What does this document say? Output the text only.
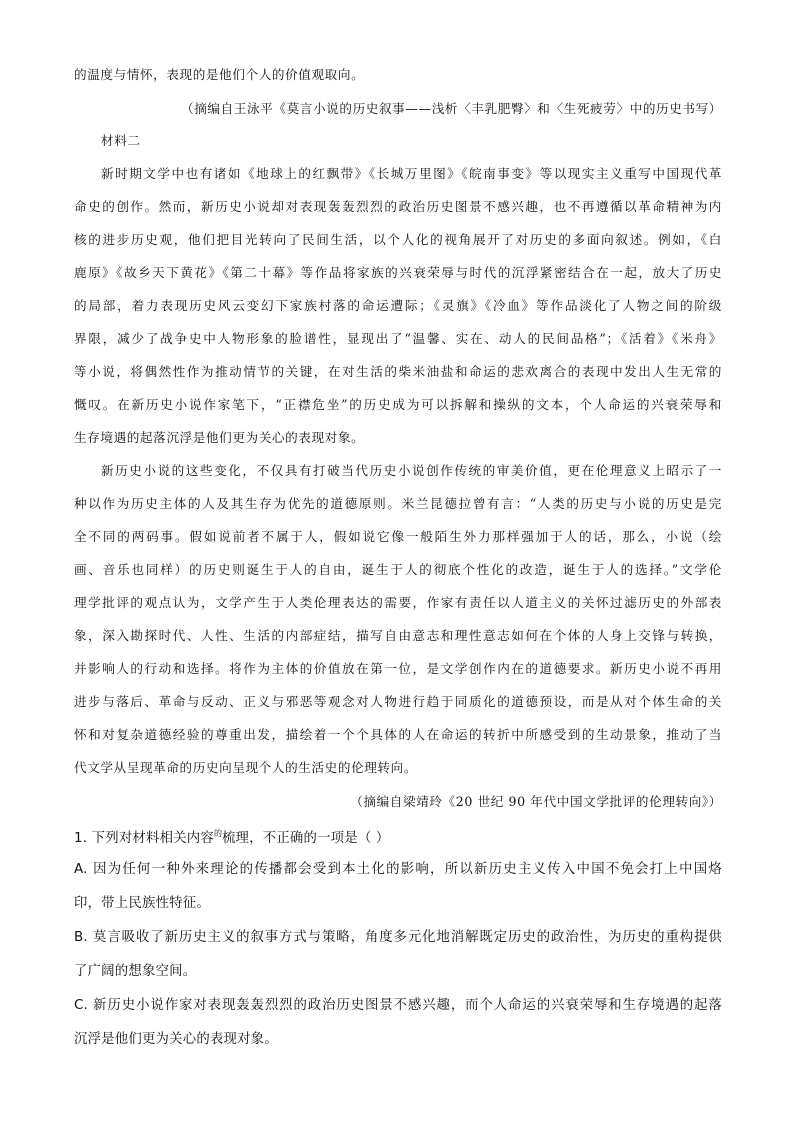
的温度与情怀，表现的是他们个人的价值观取向。
（摘编自王泳平《莫言小说的历史叙事——浅析〈丰乳肥臀〉和〈生死疲劳〉中的历史书写）
材料二
新时期文学中也有诸如《地球上的红飘带》《长城万里图》《皖南事变》等以现实主义重写中国现代革
命史的创作。然而，新历史小说却对表现轰轰烈烈的政治历史图景不感兴趣，也不再遵循以革命精神为内
核的进步历史观，他们把目光转向了民间生活，以个人化的视角展开了对历史的多面向叙述。例如，《白
鹿原》《故乡天下黄花》《第二十幕》等作品将家族的兴衰荣辱与时代的沉浮紧密结合在一起，放大了历史
的局部，着力表现历史风云变幻下家族村落的命运遭际；《灵旗》《冷血》等作品淡化了人物之间的阶级
界限，减少了战争史中人物形象的脸谱性，显现出了“温馨、实在、动人的民间品格”；《活着》《米舟》
等小说，将偶然性作为推动情节的关键，在对生活的柴米油盐和命运的悲欢离合的表现中发出人生无常的
慨叹。在新历史小说作家笔下，“正襟危坐”的历史成为可以拆解和操纵的文本，个人命运的兴衰荣辱和
生存境遇的起落沉浮是他们更为关心的表现对象。
新历史小说的这些变化，不仅具有打破当代历史小说创作传统的审美价值，更在伦理意义上昭示了一
种以作为历史主体的人及其生存为优先的道德原则。米兰昆德拉曾有言：“人类的历史与小说的历史是完
全不同的两码事。假如说前者不属于人，假如说它像一般陌生外力那样强加于人的话，那么，小说（绘
画、音乐也同样）的历史则诞生于人的自由，诞生于人的彻底个性化的改造，诞生于人的选择。”文学伦
理学批评的观点认为，文学产生于人类伦理表达的需要，作家有责任以人道主义的关怀过滤历史的外部表
象，深入勘探时代、人性、生活的内部症结，描写自由意志和理性意志如何在个体的人身上交锋与转换，
并影响人的行动和选择。将作为主体的价值放在第一位，是文学创作内在的道德要求。新历史小说不再用
进步与落后、革命与反动、正义与邪恶等观念对人物进行趋于同质化的道德预设，而是从对个体生命的关
怀和对复杂道德经验的尊重出发，描绘着一个个具体的人在命运的转折中所感受到的生动景象，推动了当
代文学从呈现革命的历史向呈现个人的生活史的伦理转向。
（摘编自梁靖玲《20 世纪 90 年代中国文学批评的伦理转向》）
1. 下列对材料相关内容$^的$梳理，不正确的一项是（ ）
A. 因为任何一种外来理论的传播都会受到本土化的影响，所以新历史主义传入中国不免会打上中国烙
印，带上民族性特征。
B. 莫言吸收了新历史主义的叙事方式与策略，角度多元化地消解既定历史的政治性，为历史的重构提供
了广阔的想象空间。
C. 新历史小说作家对表现轰轰烈烈的政治历史图景不感兴趣，而个人命运的兴衰荣辱和生存境遇的起落
沉浮是他们更为关心的表现对象。
